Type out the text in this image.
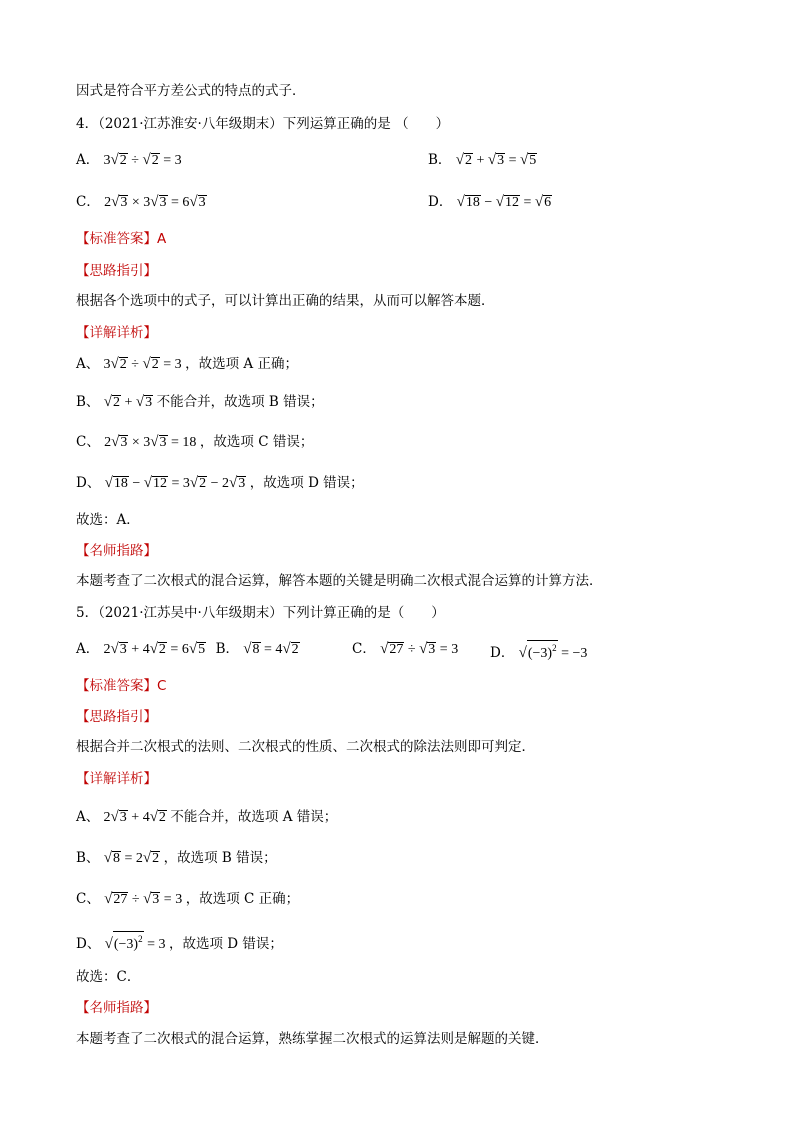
因式是符合平方差公式的特点的式子．
4．（2021·江苏淮安·八年级期末）下列运算正确的是 （　　）
A． 3√2 ÷ √2 = 3	B． √2 + √3 = √5
C． 2√3 × 3√3 = 6√3	D． √18 − √12 = √6
【标准答案】A
【思路指引】
根据各个选项中的式子，可以计算出正确的结果，从而可以解答本题．
【详解详析】
A、 3√2 ÷ √2 = 3 ，故选项 A 正确；
B、 √2 + √3 不能合并，故选项 B 错误；
C、 2√3 × 3√3 = 18 ，故选项 C 错误；
D、 √18 − √12 = 3√2 − 2√3 ，故选项 D 错误；
故选：A．
【名师指路】
本题考查了二次根式的混合运算，解答本题的关键是明确二次根式混合运算的计算方法．
5．（2021·江苏吴中·八年级期末）下列计算正确的是（　　）
A． 2√3 + 4√2 = 6√5 B． √8 = 4√2	C． √27 ÷ √3 = 3 D． $√(-3)^2 = -3$
【标准答案】C
【思路指引】
根据合并二次根式的法则、二次根式的性质、二次根式的除法法则即可判定．
【详解详析】
A、 2√3 + 4√2 不能合并，故选项 A 错误；
B、 √8 = 2√2 ，故选项 B 错误；
C、 √27 ÷ √3 = 3 ，故选项 C 正确；
D、 $√(-3)^2 = 3$ ，故选项 D 错误；
故选：C．
【名师指路】
本题考查了二次根式的混合运算，熟练掌握二次根式的运算法则是解题的关键．
